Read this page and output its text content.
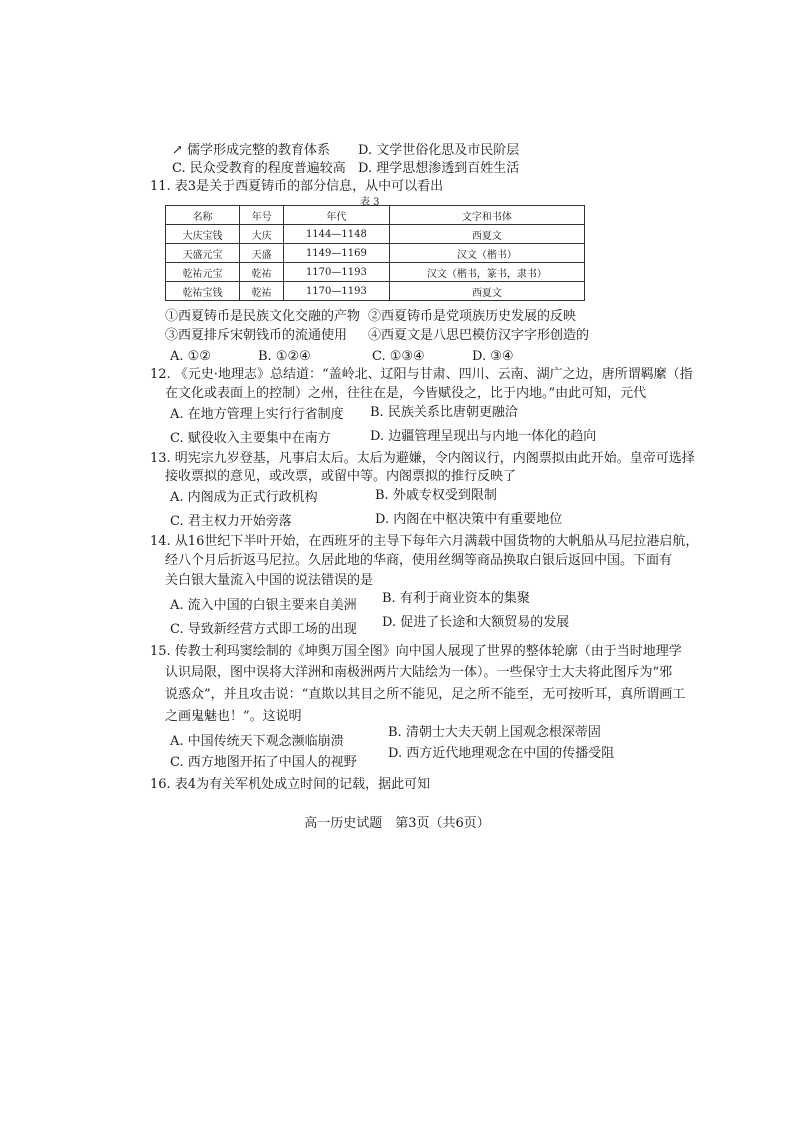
↗ 儒学形成完整的教育体系 D. 文学世俗化思及市民阶层
C. 民众受教育的程度普遍较高 D. 理学思想渗透到百姓生活
11. 表3是关于西夏铸币的部分信息，从中可以看出
表 3
名称	年号	年代	文字和书体
大庆宝钱	大庆	1144—1148	西夏文
天盛元宝	天盛	1149—1169	汉文（楷书）
乾祐元宝	乾祐	1170—1193	汉文（楷书，篆书，隶书）
乾祐宝钱	乾祐	1170—1193	西夏文
①西夏铸币是民族文化交融的产物 ②西夏铸币是党项族历史发展的反映
③西夏排斥宋朝钱币的流通使用 ④西夏文是八思巴模仿汉字字形创造的
A. ①②	B. ①②④	C. ①③④	D. ③④
12. 《元史·地理志》总结道：“盖岭北、辽阳与甘肃、四川、云南、湖广之边，唐所谓羁縻（指
在文化或表面上的控制）之州，往往在是，今皆赋役之，比于内地。”由此可知，元代
A. 在地方管理上实行行省制度 B. 民族关系比唐朝更融洽
C. 赋役收入主要集中在南方	D. 边疆管理呈现出与内地一体化的趋向
13. 明宪宗九岁登基，凡事启太后。太后为避嫌，令内阁议行，内阁票拟由此开始。皇帝可选择
接收票拟的意见，或改票，或留中等。内阁票拟的推行反映了
A. 内阁成为正式行政机构	B. 外戚专权受到限制
C. 君主权力开始旁落	D. 内阁在中枢决策中有重要地位
14. 从16世纪下半叶开始，在西班牙的主导下每年六月满载中国货物的大帆船从马尼拉港启航，
经八个月后折返马尼拉。久居此地的华商，使用丝绸等商品换取白银后返回中国。下面有
关白银大量流入中国的说法错误的是
A. 流入中国的白银主要来自美洲 B. 有利于商业资本的集聚
C. 导致新经营方式即工场的出现 D. 促进了长途和大额贸易的发展
15. 传教士利玛窦绘制的《坤舆万国全图》向中国人展现了世界的整体轮廓（由于当时地理学
认识局限，图中误将大洋洲和南极洲两片大陆绘为一体）。一些保守士大夫将此图斥为“邪
说惑众”，并且攻击说：“直欺以其目之所不能见，足之所不能至，无可按听耳，真所谓画工
之画鬼魅也！”。这说明
A. 中国传统天下观念濒临崩溃
B. 清朝士大夫天朝上国观念根深蒂固
C. 西方地图开拓了中国人的视野
D. 西方近代地理观念在中国的传播受阻
16. 表4为有关军机处成立时间的记载，据此可知
高一历史试题　第3页（共6页）
